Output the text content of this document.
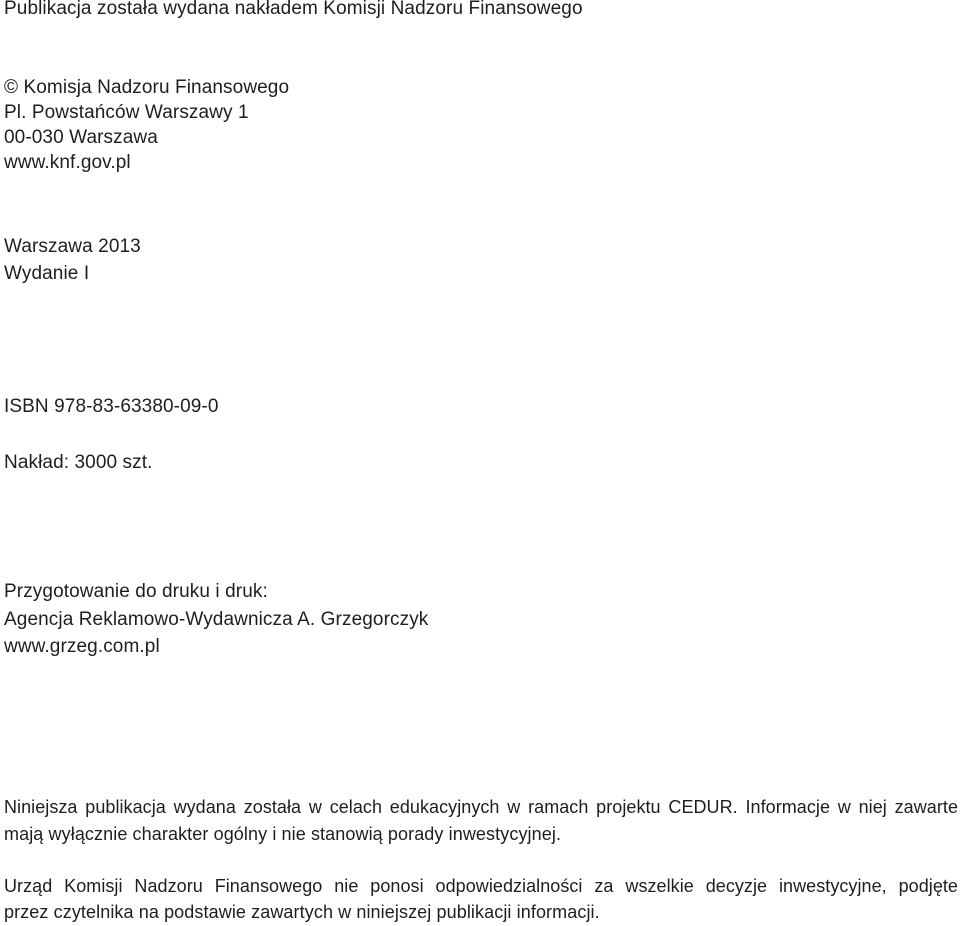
Publikacja została wydana nakładem Komisji Nadzoru Finansowego
© Komisja Nadzoru Finansowego
Pl. Powstańców Warszawy 1
00-030 Warszawa
www.knf.gov.pl
Warszawa 2013
Wydanie I
ISBN 978-83-63380-09-0
Nakład: 3000 szt.
Przygotowanie do druku i druk:
Agencja Reklamowo-Wydawnicza A. Grzegorczyk
www.grzeg.com.pl
Niniejsza publikacja wydana została w celach edukacyjnych w ramach projektu CEDUR. Informacje w niej zawarte
mają wyłącznie charakter ogólny i nie stanowią porady inwestycyjnej.
Urząd Komisji Nadzoru Finansowego nie ponosi odpowiedzialności za wszelkie decyzje inwestycyjne, podjęte
przez czytelnika na podstawie zawartych w niniejszej publikacji informacji.
